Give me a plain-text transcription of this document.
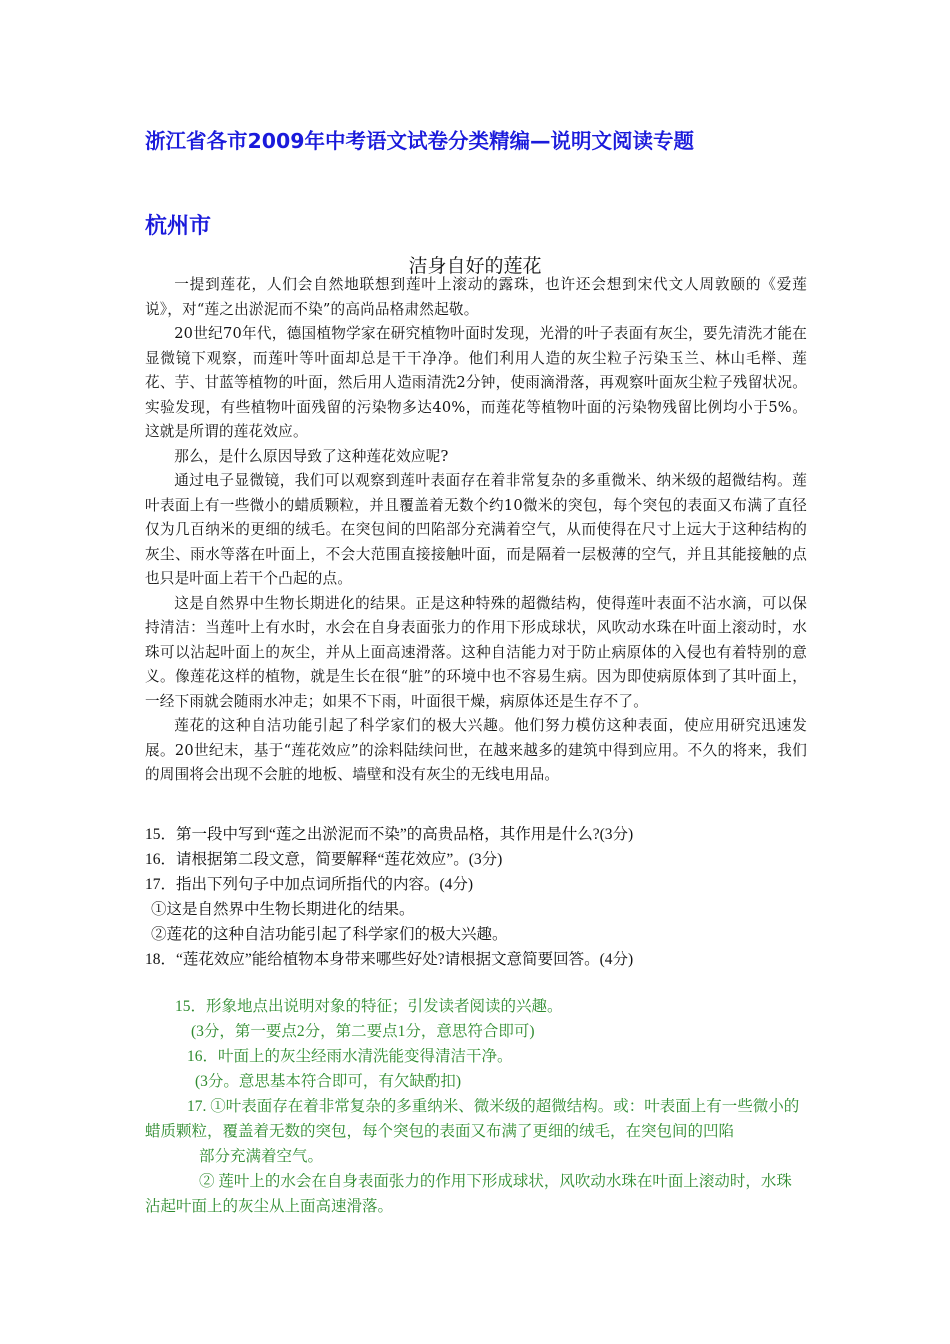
浙江省各市2009年中考语文试卷分类精编—说明文阅读专题
杭州市
洁身自好的莲花

一提到莲花，人们会自然地联想到莲叶上滚动的露珠，也许还会想到宋代文人周敦颐的《爱莲说》，对“莲之出淤泥而不染”的高尚品格肃然起敬。

20世纪70年代，德国植物学家在研究植物叶面时发现，光滑的叶子表面有灰尘，要先清洗才能在显微镜下观察，而莲叶等叶面却总是干干净净。他们利用人造的灰尘粒子污染玉兰、林山毛榉、莲花、芋、甘蓝等植物的叶面，然后用人造雨清洗2分钟，使雨滴滑落，再观察叶面灰尘粒子残留状况。实验发现，有些植物叶面残留的污染物多达40%，而莲花等植物叶面的污染物残留比例均小于5%。这就是所谓的莲花效应。

那么，是什么原因导致了这种莲花效应呢?

通过电子显微镜，我们可以观察到莲叶表面存在着非常复杂的多重微米、纳米级的超微结构。莲叶表面上有一些微小的蜡质颗粒，并且覆盖着无数个约10微米的突包，每个突包的表面又布满了直径仅为几百纳米的更细的绒毛。在突包间的凹陷部分充满着空气，从而使得在尺寸上远大于这种结构的灰尘、雨水等落在叶面上，不会大范围直接接触叶面，而是隔着一层极薄的空气，并且其能接触的点也只是叶面上若干个凸起的点。

这是自然界中生物长期进化的结果。正是这种特殊的超微结构，使得莲叶表面不沾水滴，可以保持清洁：当莲叶上有水时，水会在自身表面张力的作用下形成球状，风吹动水珠在叶面上滚动时，水珠可以沾起叶面上的灰尘，并从上面高速滑落。这种自洁能力对于防止病原体的入侵也有着特别的意义。像莲花这样的植物，就是生长在很“脏”的环境中也不容易生病。因为即使病原体到了其叶面上，一经下雨就会随雨水冲走；如果不下雨，叶面很干燥，病原体还是生存不了。

莲花的这种自洁功能引起了科学家们的极大兴趣。他们努力模仿这种表面，使应用研究迅速发展。20世纪末，基于“莲花效应”的涂料陆续问世，在越来越多的建筑中得到应用。不久的将来，我们的周围将会出现不会脏的地板、墙壁和没有灰尘的无线电用品。

15．第一段中写到“莲之出淤泥而不染”的高贵品格，其作用是什么?(3分)
16．请根据第二段文意，简要解释“莲花效应”。(3分)
17．指出下列句子中加点词所指代的内容。(4分)
①这是自然界中生物长期进化的结果。
②莲花的这种自洁功能引起了科学家们的极大兴趣。
18．“莲花效应”能给植物本身带来哪些好处?请根据文意简要回答。(4分)
15．形象地点出说明对象的特征；引发读者阅读的兴趣。
(3分，第一要点2分，第二要点1分，意思符合即可)
16．叶面上的灰尘经雨水清洗能变得清洁干净。
(3分。意思基本符合即可，有欠缺酌扣)
17. ①叶表面存在着非常复杂的多重纳米、微米级的超微结构。或：叶表面上有一些微小的蜡质颗粒，覆盖着无数的突包，每个突包的表面又布满了更细的绒毛，在突包间的凹陷
部分充满着空气。
② 莲叶上的水会在自身表面张力的作用下形成球状，风吹动水珠在叶面上滚动时，水珠沾起叶面上的灰尘从上面高速滑落。
